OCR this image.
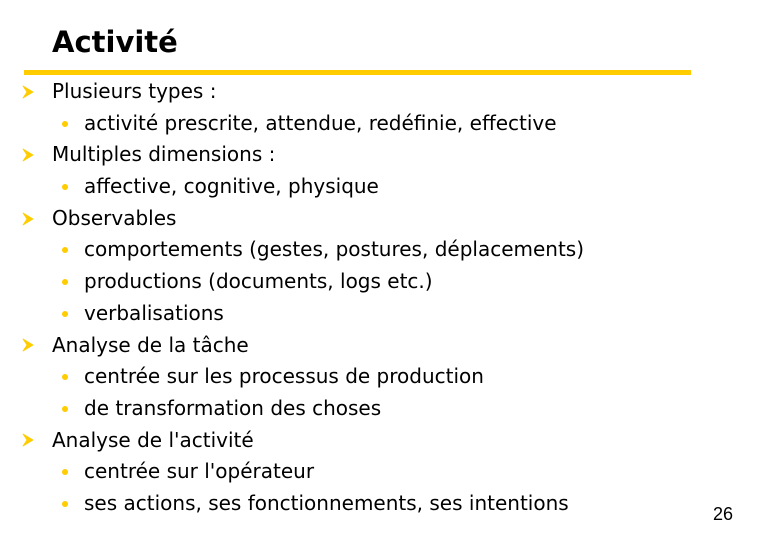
Activité
Plusieurs types :
activité prescrite, attendue, redéfinie, effective
Multiples dimensions :
affective, cognitive, physique
Observables
comportements (gestes, postures, déplacements)
productions (documents, logs etc.)
verbalisations
Analyse de la tâche
centrée sur les processus de production
de transformation des choses
Analyse de l'activité
centrée sur l'opérateur
ses actions, ses fonctionnements, ses intentions	26
